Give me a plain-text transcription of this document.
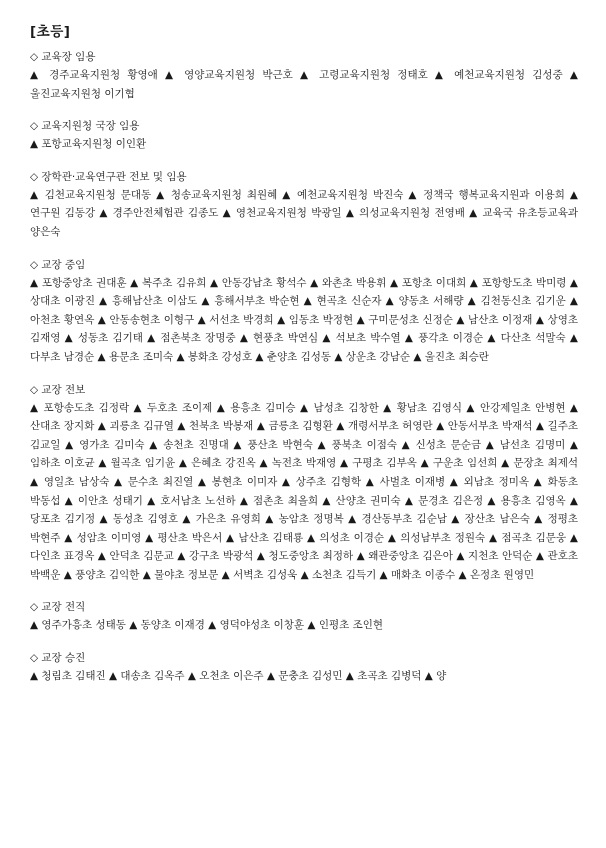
[초등]

◇ 교육장 임용

▲ 경주교육지원청 황영애 ▲ 영양교육지원청 박근호 ▲ 고령교육지원청 정태호 ▲ 예천교육지원청 김성중 ▲ 울진교육지원청 이기협

◇ 교육지원청 국장 임용

▲ 포항교육지원청 이인환

◇ 장학관·교육연구관 전보 및 임용

▲ 김천교육지원청 문대동 ▲ 청송교육지원청 최원혜 ▲ 예천교육지원청 박진숙 ▲ 정책국 행복교육지원과 이용희 ▲ 연구원 김동강 ▲ 경주안전체험관 김종도 ▲ 영천교육지원청 박광일 ▲ 의성교육지원청 전영배 ▲ 교육국 유초등교육과 양은숙

◇ 교장 중임

▲ 포항중앙초 권대훈 ▲ 복주초 김유희 ▲ 안동강남초 황석수 ▲ 와촌초 박용휘 ▲ 포항초 이대희 ▲ 포항항도초 박미령 ▲ 상대초 이광진 ▲ 흥해남산초 이삼도 ▲ 흥해서부초 박순현 ▲ 현곡초 신순자 ▲ 양동초 서해량 ▲ 김천동신초 김기운 ▲ 아천초 황연옥 ▲ 안동송현초 이형구 ▲ 서선초 박경희 ▲ 임동초 박정현 ▲ 구미문성초 신정순 ▲ 남산초 이정재 ▲ 상영초 김재영 ▲ 성동초 김기태 ▲ 점촌북초 장명중 ▲ 현풍초 박연심 ▲ 석보초 박수열 ▲ 풍각초 이경순 ▲ 다산초 석말숙 ▲ 다부초 남경순 ▲ 용문초 조미숙 ▲ 봉화초 강성호 ▲ 춘양초 김성동 ▲ 상운초 강남순 ▲ 울진초 최승란

◇ 교장 전보

▲ 포항송도초 김정락 ▲ 두호초 조이제 ▲ 용흥초 김미승 ▲ 남성초 김창한 ▲ 황남초 김영식 ▲ 안강제일초 안병현 ▲ 산대초 장지화 ▲ 괴릉초 김규열 ▲ 천북초 박봉재 ▲ 금릉초 김형환 ▲ 개령서부초 허영란 ▲ 안동서부초 박재석 ▲ 길주초 김교일 ▲ 영가초 김미숙 ▲ 송천초 진명대 ▲ 풍산초 박현숙 ▲ 풍북초 이점숙 ▲ 신성초 문순금 ▲ 남선초 김명미 ▲ 임하초 이호균 ▲ 월곡초 임기윤 ▲ 은혜초 강진옥 ▲ 녹전초 박재영 ▲ 구평초 김부옥 ▲ 구운초 임선희 ▲ 문장초 최제석 ▲ 영일초 남상숙 ▲ 문수초 최진열 ▲ 봉현초 이미자 ▲ 상주초 김형학 ▲ 사벌초 이재병 ▲ 외남초 정미옥 ▲ 화동초 박동섭 ▲ 이안초 성태기 ▲ 호서남초 노선하 ▲ 점촌초 최올희 ▲ 산양초 권미숙 ▲ 문경초 김은정 ▲ 용흥초 김영옥 ▲ 당포초 김기정 ▲ 동성초 김영호 ▲ 가은초 유영희 ▲ 농암초 정명복 ▲ 경산동부초 김순남 ▲ 장산초 남은숙 ▲ 정평초 박현주 ▲ 성암초 이미영 ▲ 평산초 박은서 ▲ 남산초 김태룡 ▲ 의성초 이경순 ▲ 의성남부초 정원숙 ▲ 점곡초 김문웅 ▲ 다인초 표경옥 ▲ 안덕초 김문교 ▲ 강구초 박광석 ▲ 청도중앙초 최정하 ▲ 왜관중앙초 김은아 ▲ 지천초 안덕순 ▲ 관호초 박백운 ▲ 풍양초 김익한 ▲ 물야초 정보문 ▲ 서벽초 김성욱 ▲ 소천초 김득기 ▲ 매화초 이종수 ▲ 온정초 원영민

◇ 교장 전직

▲ 영주가흥초 성태동 ▲ 동양초 이재경 ▲ 영덕야성초 이창훈 ▲ 인평초 조인현

◇ 교장 승진

▲ 청림초 김태진 ▲ 대송초 김옥주 ▲ 오천초 이은주 ▲ 문충초 김성민 ▲ 초곡초 김병덕 ▲ 양
